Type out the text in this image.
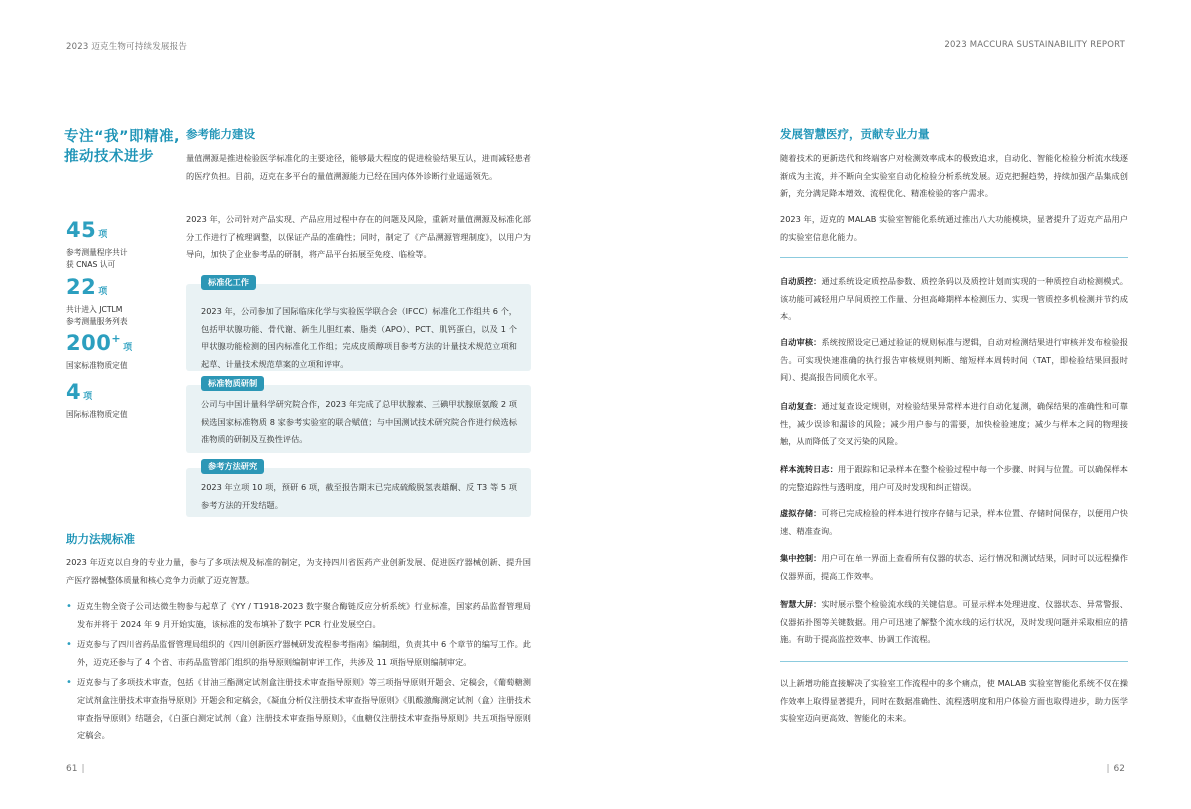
2023 迈克生物可持续发展报告	2023 MACCURA SUSTAINABILITY REPORT
专注“我”即精准,
推动技术进步
45 项
参考测量程序共计
获 CNAS 认可
22 项
共计进入 JCTLM
参考测量服务列表
200+项
国家标准物质定值
4 项
国际标准物质定值
参考能力建设

量值溯源是推进检验医学标准化的主要途径，能够最大程度的促进检验结果互认，进而减轻患者的医疗负担。目前，迈克在多平台的量值溯源能力已经在国内体外诊断行业遥遥领先。

2023 年，公司针对产品实现、产品应用过程中存在的问题及风险，重新对量值溯源及标准化部分工作进行了梳理调整，以保证产品的准确性；同时，制定了《产品溯源管理制度》，以用户为导向，加快了企业参考品的研制，将产品平台拓展至免疫、临检等。

2023 年，公司参加了国际临床化学与实验医学联合会（IFCC）标准化工作组共 6 个，包括甲状腺功能、骨代谢、新生儿胆红素、脂类（APO）、PCT、肌钙蛋白，以及 1 个甲状腺功能检测的国内标准化工作组；完成皮质醇项目参考方法的计量技术规范立项和起草、计量技术规范草案的立项和评审。
标准化工作
公司与中国计量科学研究院合作，2023 年完成了总甲状腺素、三碘甲状腺原氨酸 2 项候选国家标准物质 8 家参考实验室的联合赋值；与中国测试技术研究院合作进行候选标准物质的研制及互换性评估。
标准物质研制
2023 年立项 10 项，预研 6 项，截至报告期末已完成硫酸脱氢表雄酮、反 T3 等 5 项参考方法的开发结题。
参考方法研究
助力法规标准

2023 年迈克以自身的专业力量，参与了多项法规及标准的制定，为支持四川省医药产业创新发展、促进医疗器械创新、提升国产医疗器械整体质量和核心竞争力贡献了迈克智慧。

• 迈克生物全资子公司达微生物参与起草了《YY / T1918-2023 数字聚合酶链反应分析系统》行业标准，国家药品监督管理局发布并将于 2024 年 9 月开始实施，该标准的发布填补了数字 PCR 行业发展空白。
• 迈克参与了四川省药品监督管理局组织的《四川创新医疗器械研发流程参考指南》编制组，负责其中 6 个章节的编写工作。此外，迈克还参与了 4 个省、市药品监管部门组织的指导原则编制审评工作，共涉及 11 项指导原则编制审定。
• 迈克参与了多项技术审查，包括《甘油三酯测定试剂盒注册技术审查指导原则》等三项指导原则开题会、定稿会，《葡萄糖测定试剂盒注册技术审查指导原则》开题会和定稿会，《凝血分析仪注册技术审查指导原则》《肌酸激酶测定试剂（盒）注册技术审查指导原则》结题会，《白蛋白测定试剂（盒）注册技术审查指导原则》，《血糖仪注册技术审查指导原则》共五项指导原则定稿会。
61 |
发展智慧医疗，贡献专业力量

随着技术的更新迭代和终端客户对检测效率成本的极致追求，自动化、智能化检验分析流水线逐渐成为主流，并不断向全实验室自动化检验分析系统发展。迈克把握趋势，持续加强产品集成创新，充分满足降本增效、流程优化、精准检验的客户需求。

2023 年，迈克的 MALAB 实验室智能化系统通过推出八大功能模块，显著提升了迈克产品用户的实验室信息化能力。

自动质控：通过系统设定质控品参数、质控条码以及质控计划而实现的一种质控自动检测模式。该功能可减轻用户早间质控工作量、分担高峰期样本检测压力、实现一管质控多机检测并节约成本。

自动审核：系统按照设定已通过验证的规则标准与逻辑，自动对检测结果进行审核并发布检验报告。可实现快速准确的执行报告审核规则判断、缩短样本周转时间（TAT，即检验结果回报时间）、提高报告同质化水平。

自动复查：通过复查设定规则，对检验结果异常样本进行自动化复测，确保结果的准确性和可靠性，减少误诊和漏诊的风险；减少用户参与的需要，加快检验速度；减少与样本之间的物理接触，从而降低了交叉污染的风险。

样本流转日志：用于跟踪和记录样本在整个检验过程中每一个步骤、时间与位置。可以确保样本的完整追踪性与透明度，用户可及时发现和纠正错误。

虚拟存储：可将已完成检验的样本进行按序存储与记录，样本位置、存储时间保存，以便用户快速、精准查询。

集中控制：用户可在单一界面上查看所有仪器的状态、运行情况和测试结果，同时可以远程操作仪器界面，提高工作效率。

智慧大屏：实时展示整个检验流水线的关键信息。可显示样本处理进度、仪器状态、异常警报、仪器拓扑图等关键数据。用户可迅速了解整个流水线的运行状况，及时发现问题并采取相应的措施。有助于提高监控效率、协调工作流程。

以上新增功能直接解决了实验室工作流程中的多个痛点，使 MALAB 实验室智能化系统不仅在操作效率上取得显著提升，同时在数据准确性、流程透明度和用户体验方面也取得进步，助力医学实验室迈向更高效、智能化的未来。

| 62
